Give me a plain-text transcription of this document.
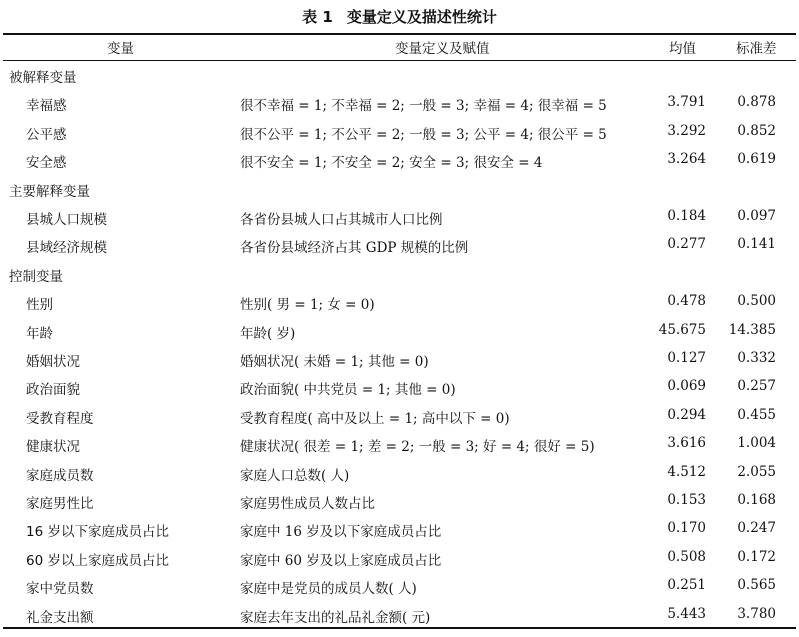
表 1 变量定义及描述性统计
变量	变量定义及赋值	均值	标准差
被解释变量
幸福感	很不幸福 = 1; 不幸福 = 2; 一般 = 3; 幸福 = 4; 很幸福 = 5	3.791 0.878
公平感	很不公平 = 1; 不公平 = 2; 一般 = 3; 公平 = 4; 很公平 = 5	3.292 0.852
安全感	很不安全 = 1; 不安全 = 2; 安全 = 3; 很安全 = 4	3.264 0.619
主要解释变量
县城人口规模	各省份县城人口占其城市人口比例	0.184 0.097
县域经济规模	各省份县域经济占其 GDP 规模的比例	0.277 0.141
控制变量
性别	性别( 男 = 1; 女 = 0)	0.478 0.500
年龄	年龄( 岁)	45.675 14.385
婚姻状况	婚姻状况( 未婚 = 1; 其他 = 0)	0.127 0.332
政治面貌	政治面貌( 中共党员 = 1; 其他 = 0)	0.069 0.257
受教育程度	受教育程度( 高中及以上 = 1; 高中以下 = 0)	0.294 0.455
健康状况	健康状况( 很差 = 1; 差 = 2; 一般 = 3; 好 = 4; 很好 = 5)	3.616 1.004
家庭成员数	家庭人口总数( 人)	4.512 2.055
家庭男性比	家庭男性成员人数占比	0.153 0.168
16 岁以下家庭成员占比	家庭中 16 岁及以下家庭成员占比	0.170 0.247
60 岁以上家庭成员占比	家庭中 60 岁及以上家庭成员占比	0.508 0.172
家中党员数	家庭中是党员的成员人数( 人)	0.251 0.565
礼金支出额	家庭去年支出的礼品礼金额( 元)	5.443 3.780
